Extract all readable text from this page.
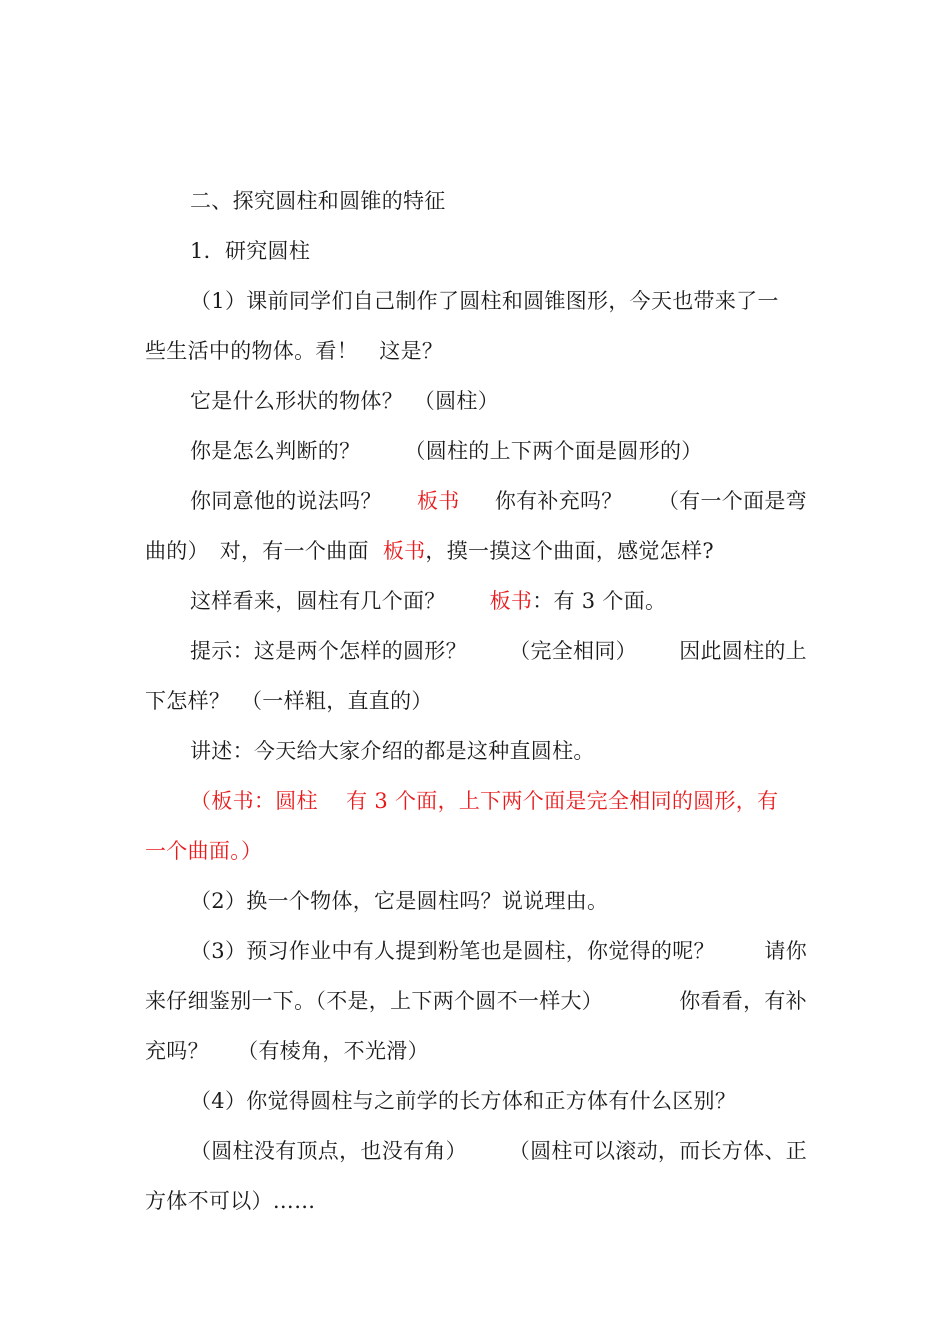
二、探究圆柱和圆锥的特征
1．研究圆柱
（1）课前同学们自己制作了圆柱和圆锥图形，今天也带来了一
些生活中的物体。看！　这是？
它是什么形状的物体？　（圆柱）
你是怎么判断的？ （圆柱的上下两个面是圆形的）
你同意他的说法吗？ 板书 你有补充吗？ （有一个面是弯
曲的）　对，有一个曲面 板书，摸一摸这个曲面，感觉怎样?
这样看来，圆柱有几个面？ 板书：有 3 个面。
提示：这是两个怎样的圆形？ （完全相同） 因此圆柱的上
下怎样？　（一样粗，直直的）
讲述：今天给大家介绍的都是这种直圆柱。
（板书：圆柱　 有 3 个面，上下两个面是完全相同的圆形，有
一个曲面。）
（2）换一个物体，它是圆柱吗？说说理由。
（3）预习作业中有人提到粉笔也是圆柱，你觉得的呢？ 请你
来仔细鉴别一下。（不是，上下两个圆不一样大）	你看看，有补
充吗？　 （有棱角，不光滑）
（4）你觉得圆柱与之前学的长方体和正方体有什么区别？
（圆柱没有顶点，也没有角） （圆柱可以滚动，而长方体、正
方体不可以）……
